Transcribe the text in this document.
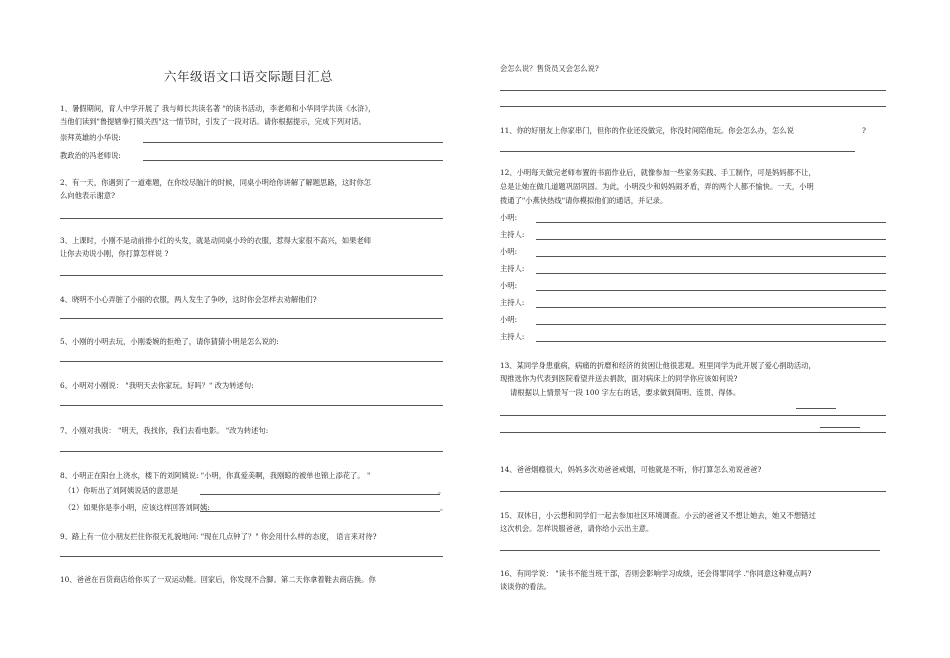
六年级语文口语交际题目汇总
1、暑假期间，育人中学开展了 我与师长共读名著 "的读书活动，李老师和小华同学共读《水浒》，
当他们读到"鲁提辖拳打镇关西"这一情节时，引发了一段对话。请你根据提示，完成下列对话。
崇拜英雄的小华说:
教政治的冯老师说:
2、有一天，你遇到了一道难题，在你绞尽脑汁的时候，同桌小明给你讲解了解题思路，这时你怎
么向他表示谢意?
3、上课时，小刚不是动前排小红的头发，就是动同桌小玲的衣服，惹得大家很不高兴，如果老师
让你去劝说小刚，你打算怎样说 ?
4、晓明不小心弄脏了小丽的衣服，两人发生了争吵，这时你会怎样去劝解他们?
5、小刚的小明去玩，小刚委婉的拒绝了，请你猜猜小明是怎么说的:
6、小明对小刚说： "我明天去你家玩。好吗？" 改为转述句:
7、小刚对我说： "明天，我找你，我们去看电影。 "改为转述句:
8、小明正在阳台上浇水，楼下的刘阿姨说: "小明，你真爱美啊，我刚晾的被单也锦上添花了。 "
（1）你听出了刘阿姨说话的意思是	。
（2）如果你是李小明，应该这样回答刘阿姨:	。
9、路上有一位小朋友拦住你很无礼貌地问: "现在几点钟了？" 你会用什么样的态度， 语言来对待?
10、爸爸在百货商店给你买了一双运动鞋。回家后，你发现不合脚。第二天你拿着鞋去商店换。你
会怎么说？售货员又会怎么说?
11、你的好朋友上你家串门，但你的作业还没做完，你没时间陪他玩。你会怎么办，怎么说	?
12、小明每天做完老师布置的书面作业后，就像参加一些家务实践、手工制作，可是妈妈都不让，
总是让她在做几道题巩固巩固。为此，小明没少和妈妈闹矛盾，弄的两个人都不愉快。一天，小明
拨通了"小燕快热线"请你模拟他们的通话，并记录。
小明:
主持人:
小明:
主持人:
小明:
主持人:
小明:
主持人:
13、某同学身患重病，病痛的折磨和经济的贫困让他很悲观。班里同学为此开展了爱心捐助活动，
现推选你为代表到医院看望并送去捐款，面对病床上的同学你应该如何说?
请根据以上情景写一段 100 字左右的话，要求做到简明、连贯、得体。
14、爸爸烟瘾很大，妈妈多次劝爸爸戒烟，可他就是不听，你打算怎么劝说爸爸?
15、双休日，小云想和同学们一起去参加社区环境调查。小云的爸爸又不想让她去，她又不想错过
这次机会。怎样说服爸爸，请你给小云出主意。
16、有同学说： "读书不能当班干部，否则会影响学习成绩，还会得罪同学 ."你同意这种观点吗?
谈谈你的看法。
